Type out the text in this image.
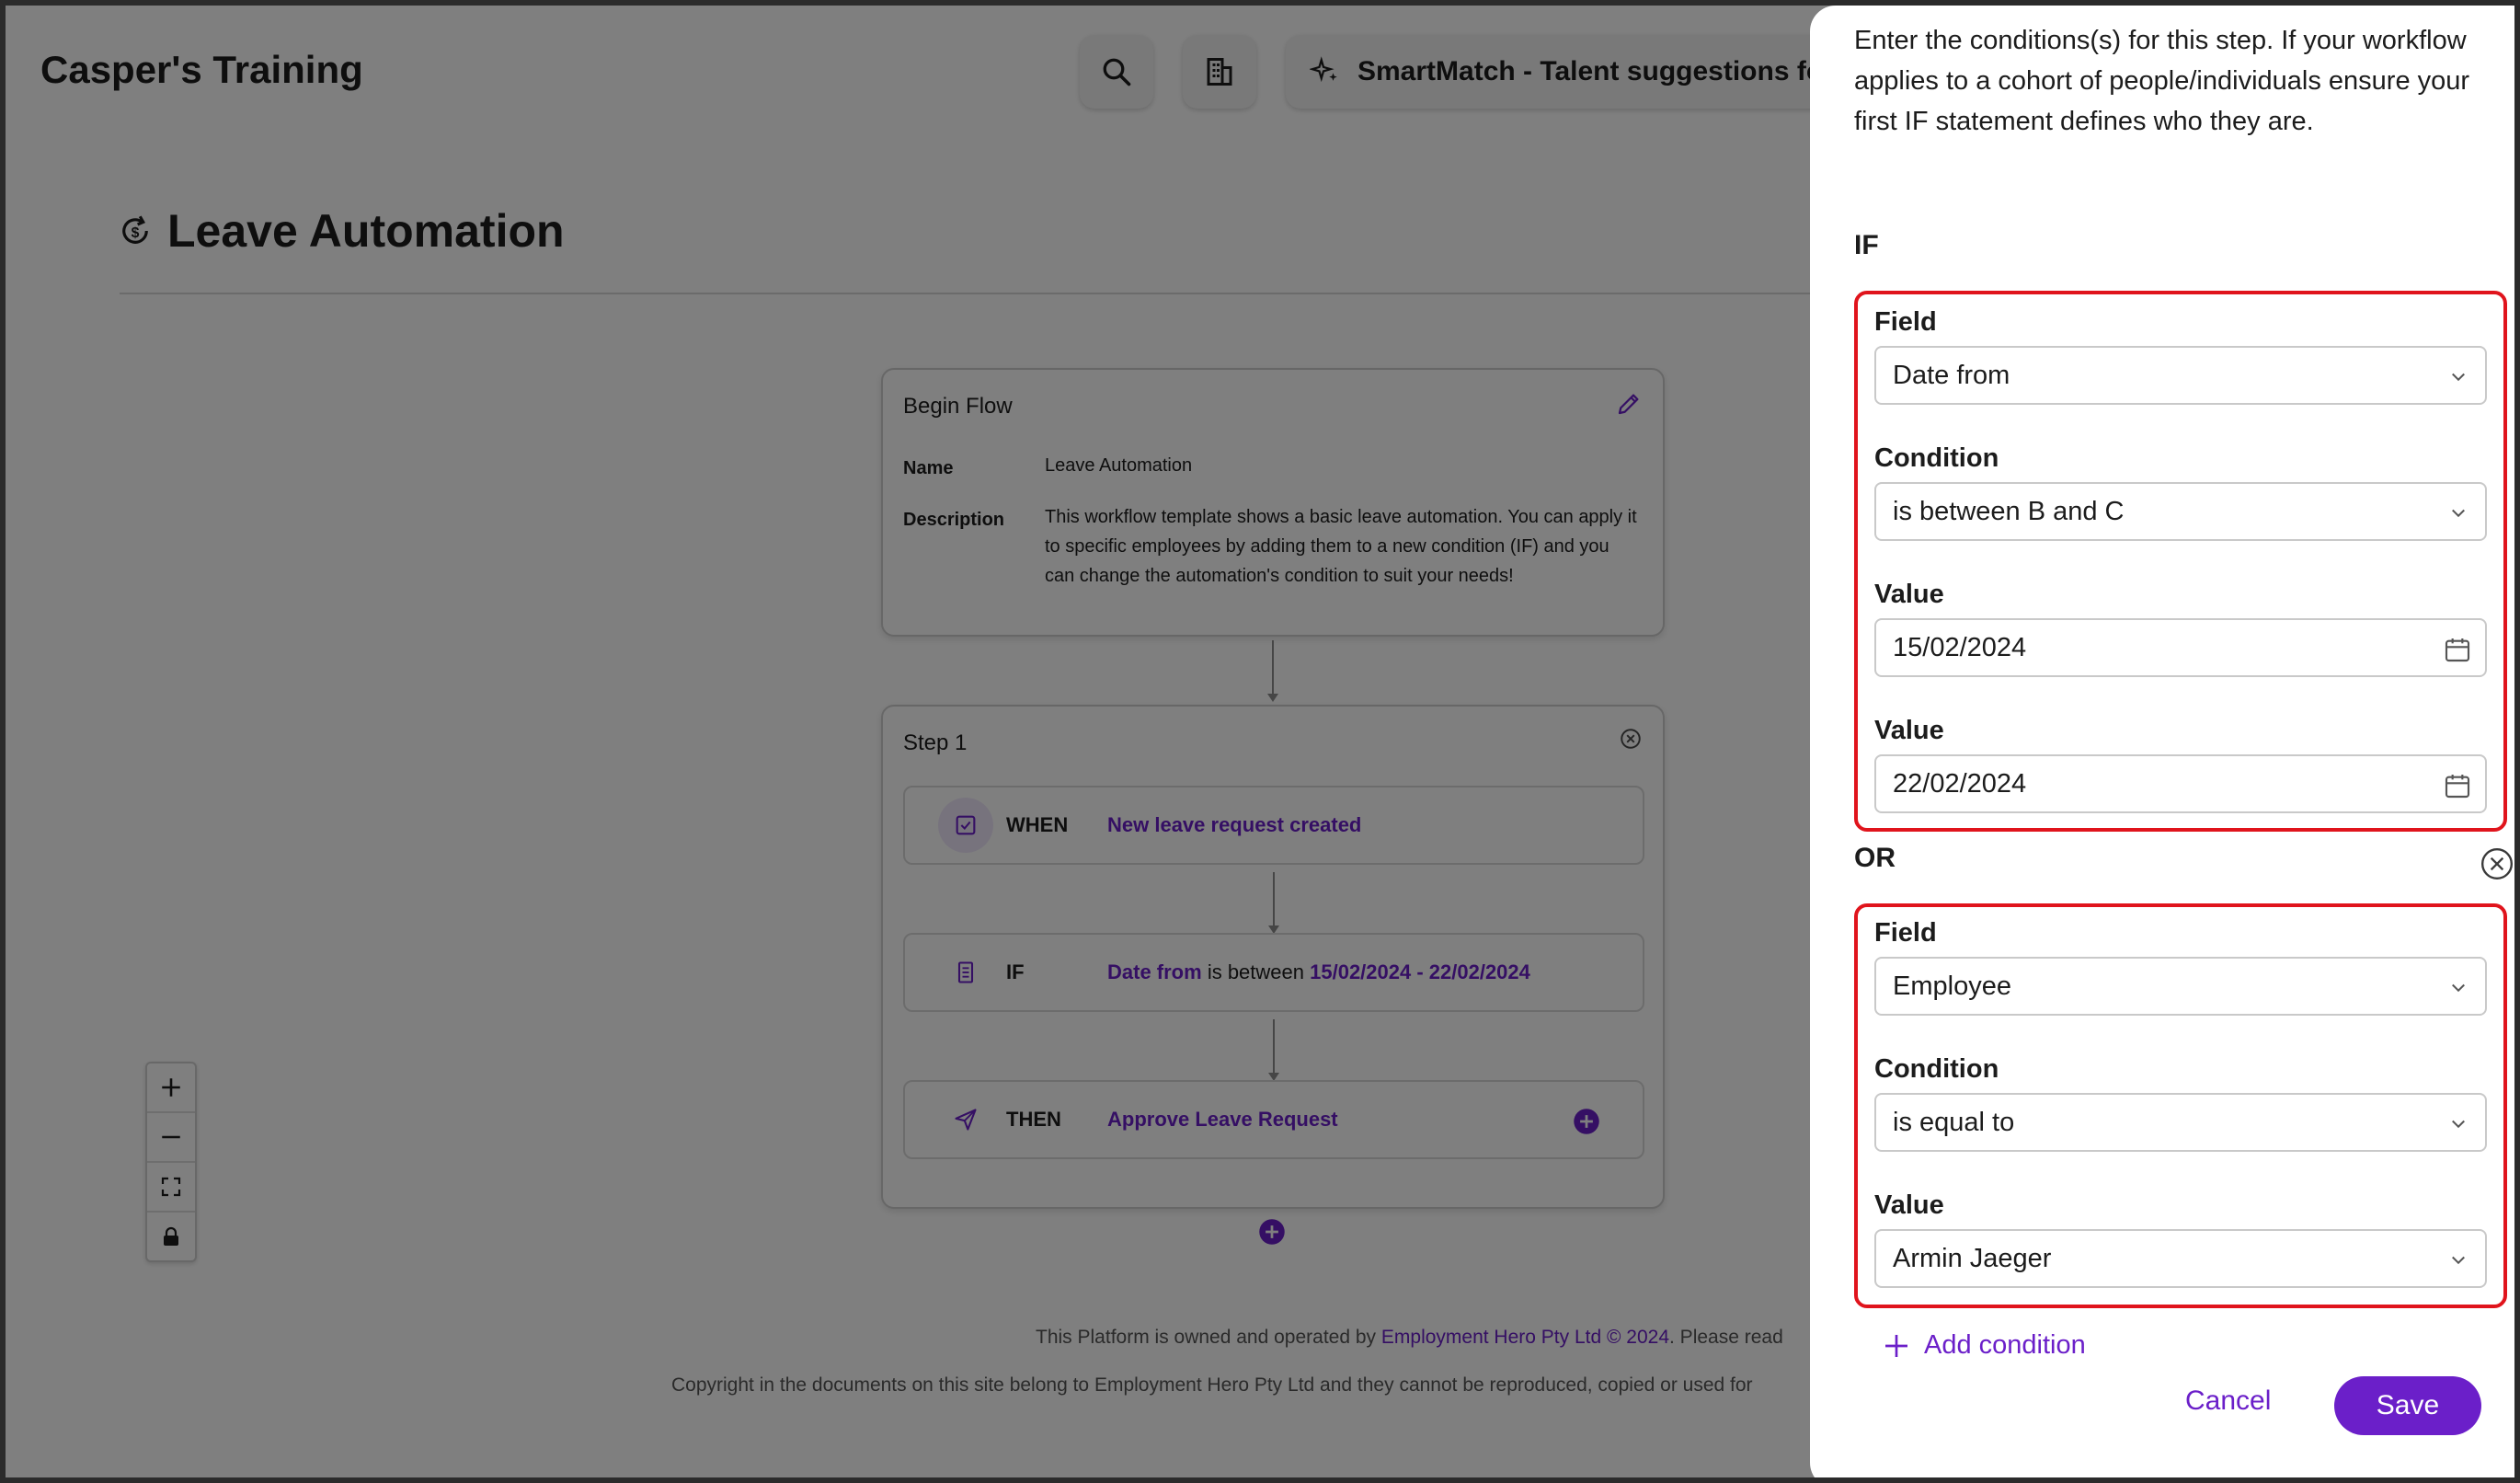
Enter the conditions(s) for this step. If your workflow applies to a cohort of people/individuals ensure your first IF statement defines who they are.
IF
Field
Date from
Condition
is between B and C
Value
15/02/2024
Value
22/02/2024
OR
Field
Employee
Condition
is equal to
Value
Armin Jaeger
Add condition
Cancel	Save
